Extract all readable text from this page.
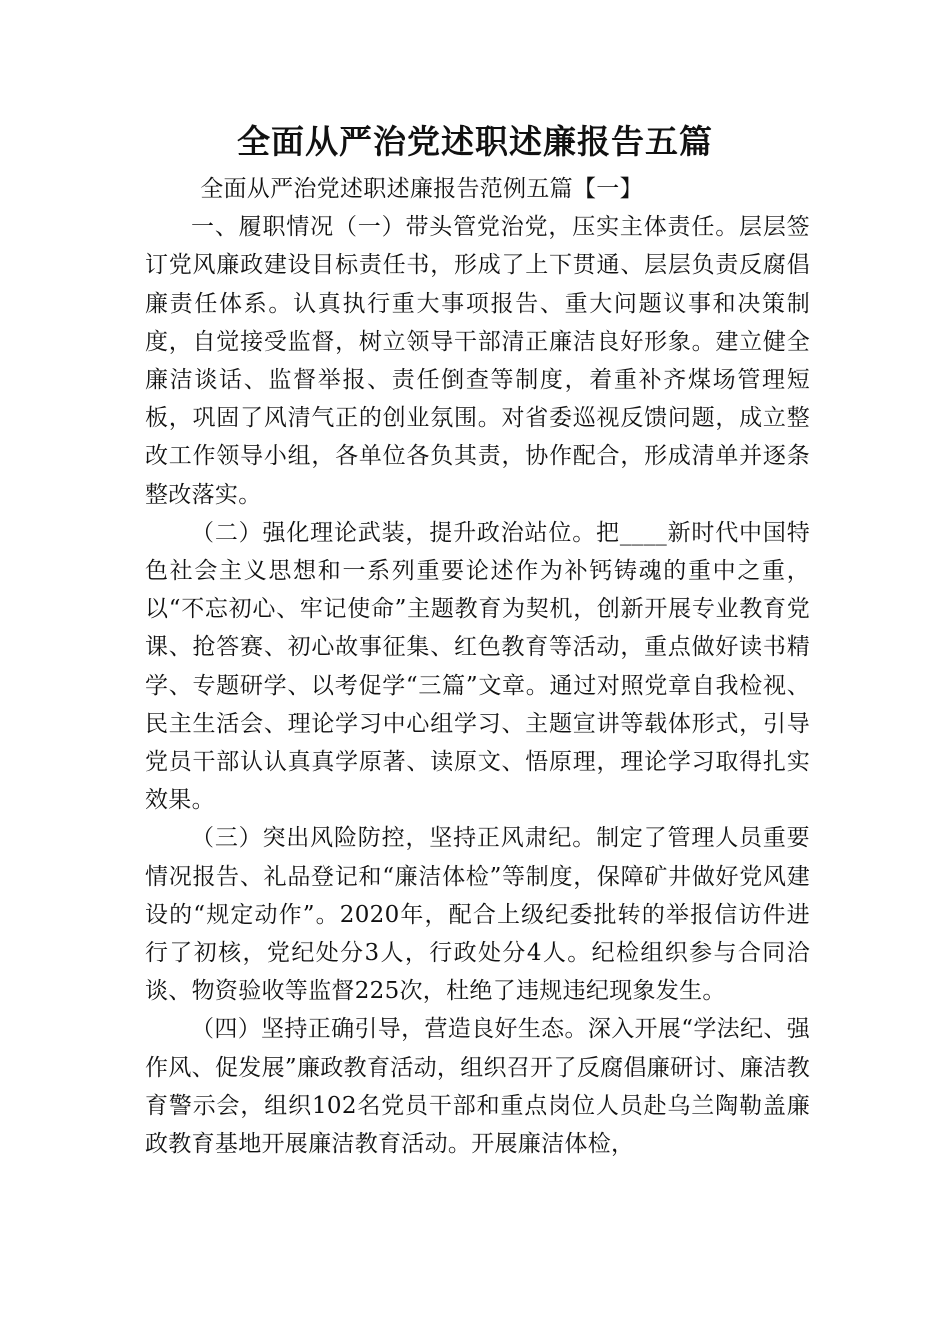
全面从严治党述职述廉报告五篇

全面从严治党述职述廉报告范例五篇【一】

一、履职情况（一）带头管党治党，压实主体责任。层层签订党风廉政建设目标责任书，形成了上下贯通、层层负责反腐倡廉责任体系。认真执行重大事项报告、重大问题议事和决策制度，自觉接受监督，树立领导干部清正廉洁良好形象。建立健全廉洁谈话、监督举报、责任倒查等制度，着重补齐煤场管理短板，巩固了风清气正的创业氛围。对省委巡视反馈问题，成立整改工作领导小组，各单位各负其责，协作配合，形成清单并逐条整改落实。

（二）强化理论武装，提升政治站位。把____新时代中国特色社会主义思想和一系列重要论述作为补钙铸魂的重中之重，以“不忘初心、牢记使命”主题教育为契机，创新开展专业教育党课、抢答赛、初心故事征集、红色教育等活动，重点做好读书精学、专题研学、以考促学“三篇”文章。通过对照党章自我检视、民主生活会、理论学习中心组学习、主题宣讲等载体形式，引导党员干部认认真真学原著、读原文、悟原理，理论学习取得扎实效果。

（三）突出风险防控，坚持正风肃纪。制定了管理人员重要情况报告、礼品登记和“廉洁体检”等制度，保障矿井做好党风建设的“规定动作”。2020年，配合上级纪委批转的举报信访件进行了初核，党纪处分3人，行政处分4人。纪检组织参与合同洽谈、物资验收等监督225次，杜绝了违规违纪现象发生。

（四）坚持正确引导，营造良好生态。深入开展“学法纪、强作风、促发展”廉政教育活动，组织召开了反腐倡廉研讨、廉洁教育警示会，组织102名党员干部和重点岗位人员赴乌兰陶勒盖廉政教育基地开展廉洁教育活动。开展廉洁体检，
